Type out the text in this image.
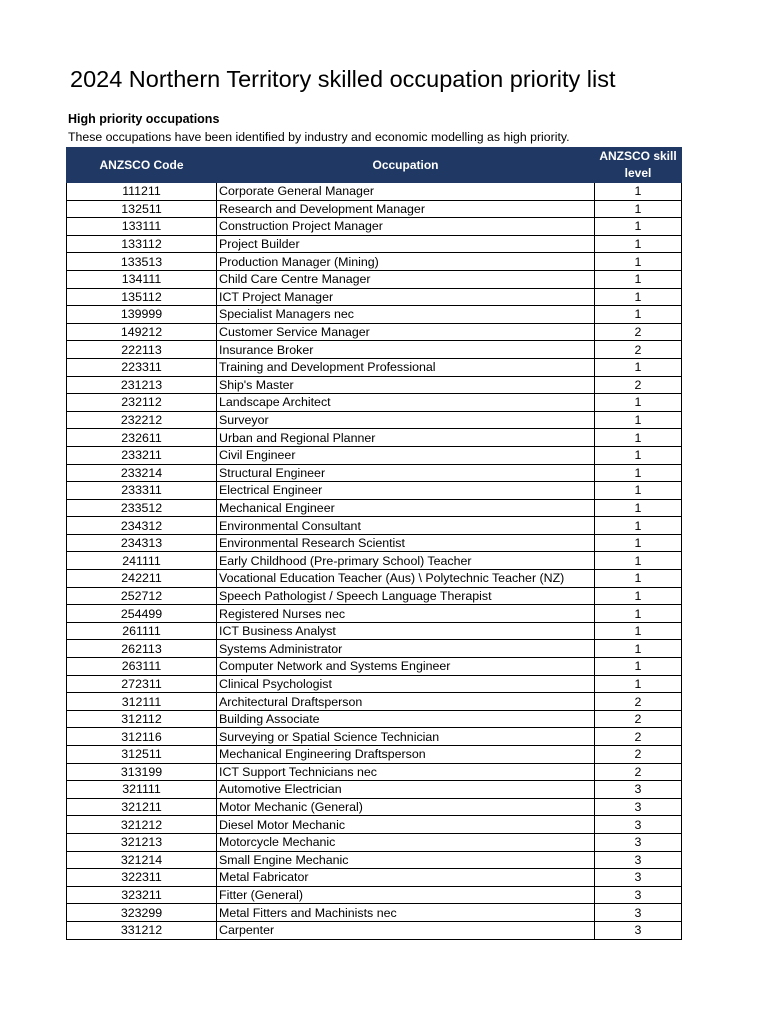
2024 Northern Territory skilled occupation priority list
High priority occupations
These occupations have been identified by industry and economic modelling as high priority.
ANZSCO Code	Occupation	ANZSCO skill level
111211	Corporate General Manager	1
132511	Research and Development Manager	1
133111	Construction Project Manager	1
133112	Project Builder	1
133513	Production Manager (Mining)	1
134111	Child Care Centre Manager	1
135112	ICT Project Manager	1
139999	Specialist Managers nec	1
149212	Customer Service Manager	2
222113	Insurance Broker	2
223311	Training and Development Professional	1
231213	Ship's Master	2
232112	Landscape Architect	1
232212	Surveyor	1
232611	Urban and Regional Planner	1
233211	Civil Engineer	1
233214	Structural Engineer	1
233311	Electrical Engineer	1
233512	Mechanical Engineer	1
234312	Environmental Consultant	1
234313	Environmental Research Scientist	1
241111	Early Childhood (Pre-primary School) Teacher	1
242211	Vocational Education Teacher (Aus) \ Polytechnic Teacher (NZ)	1
252712	Speech Pathologist / Speech Language Therapist	1
254499	Registered Nurses nec	1
261111	ICT Business Analyst	1
262113	Systems Administrator	1
263111	Computer Network and Systems Engineer	1
272311	Clinical Psychologist	1
312111	Architectural Draftsperson	2
312112	Building Associate	2
312116	Surveying or Spatial Science Technician	2
312511	Mechanical Engineering Draftsperson	2
313199	ICT Support Technicians nec	2
321111	Automotive Electrician	3
321211	Motor Mechanic (General)	3
321212	Diesel Motor Mechanic	3
321213	Motorcycle Mechanic	3
321214	Small Engine Mechanic	3
322311	Metal Fabricator	3
323211	Fitter (General)	3
323299	Metal Fitters and Machinists nec	3
331212	Carpenter	3
